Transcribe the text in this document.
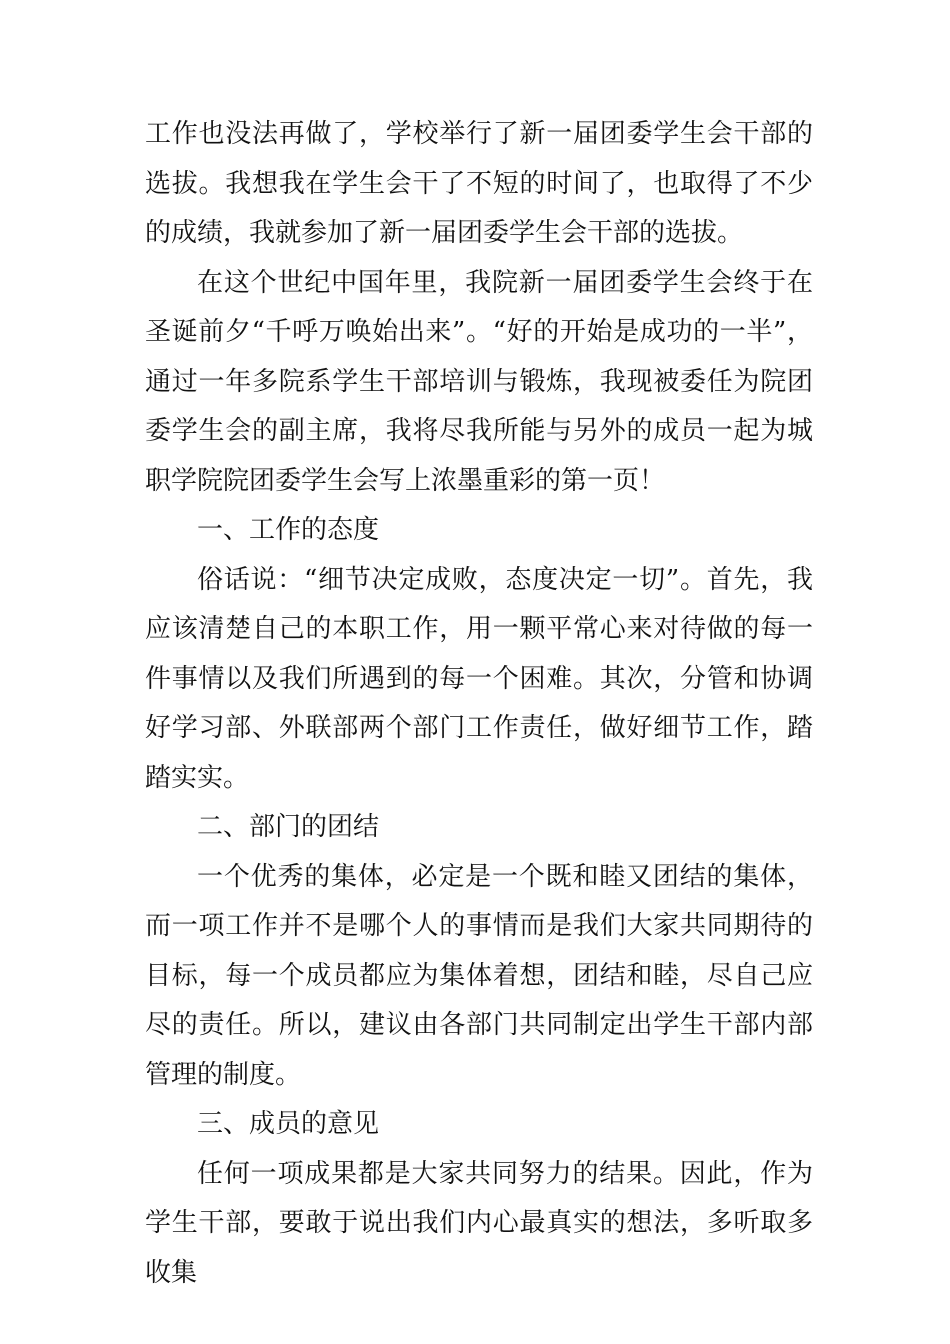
工作也没法再做了，学校举行了新一届团委学生会干部的选拔。我想我在学生会干了不短的时间了，也取得了不少的成绩，我就参加了新一届团委学生会干部的选拔。

在这个世纪中国年里，我院新一届团委学生会终于在圣诞前夕“千呼万唤始出来”。“好的开始是成功的一半”，通过一年多院系学生干部培训与锻炼，我现被委任为院团委学生会的副主席，我将尽我所能与另外的成员一起为城职学院院团委学生会写上浓墨重彩的第一页！

一、工作的态度

俗话说：“细节决定成败，态度决定一切”。首先，我应该清楚自己的本职工作，用一颗平常心来对待做的每一件事情以及我们所遇到的每一个困难。其次，分管和协调好学习部、外联部两个部门工作责任，做好细节工作，踏踏实实。

二、部门的团结

一个优秀的集体，必定是一个既和睦又团结的集体，而一项工作并不是哪个人的事情而是我们大家共同期待的目标，每一个成员都应为集体着想，团结和睦，尽自己应尽的责任。所以，建议由各部门共同制定出学生干部内部管理的制度。

三、成员的意见

任何一项成果都是大家共同努力的结果。因此，作为学生干部，要敢于说出我们内心最真实的想法，多听取多收集
